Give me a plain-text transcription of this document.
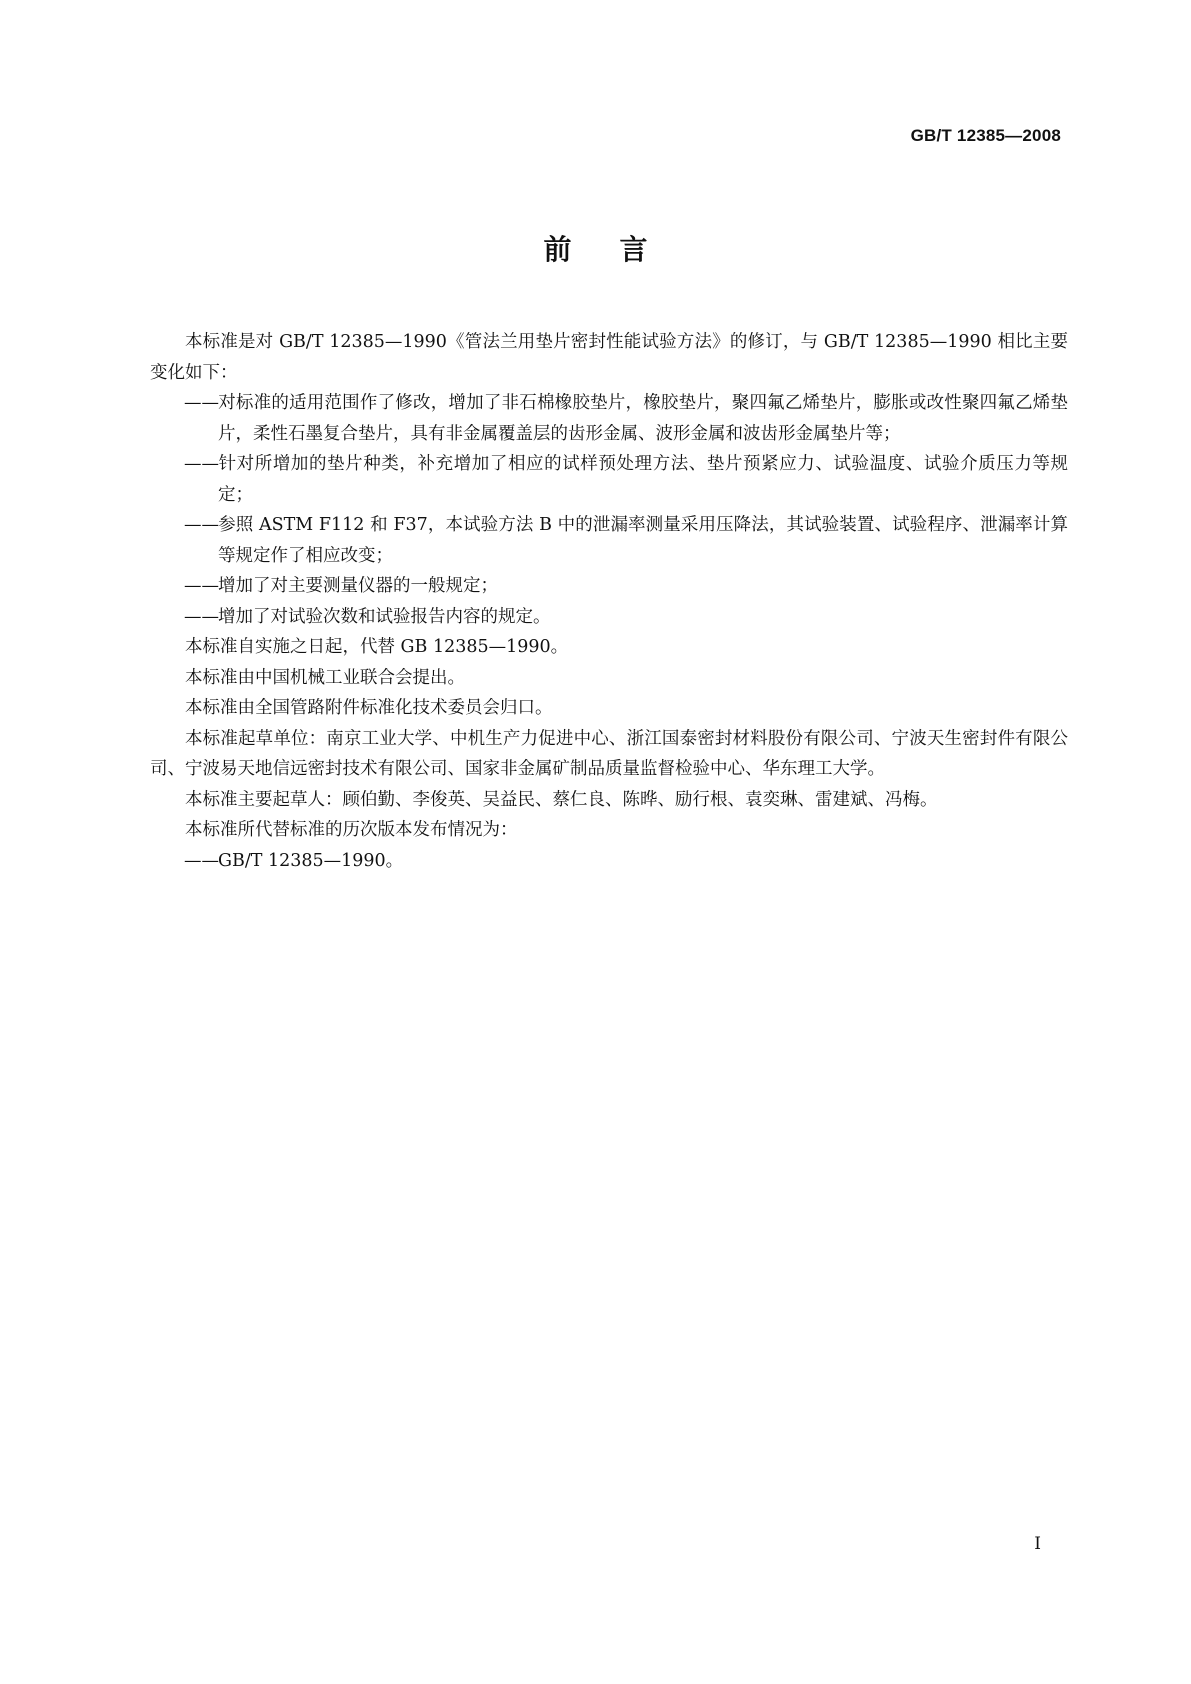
GB/T 12385—2008
前言

本标准是对 GB/T 12385—1990《管法兰用垫片密封性能试验方法》的修订，与 GB/T 12385—1990 相比主要变化如下：

——对标准的适用范围作了修改，增加了非石棉橡胶垫片，橡胶垫片，聚四氟乙烯垫片，膨胀或改性聚四氟乙烯垫片，柔性石墨复合垫片，具有非金属覆盖层的齿形金属、波形金属和波齿形金属垫片等；

——针对所增加的垫片种类，补充增加了相应的试样预处理方法、垫片预紧应力、试验温度、试验介质压力等规定；

——参照 ASTM F112 和 F37，本试验方法 B 中的泄漏率测量采用压降法，其试验装置、试验程序、泄漏率计算等规定作了相应改变；

——增加了对主要测量仪器的一般规定；

——增加了对试验次数和试验报告内容的规定。

本标准自实施之日起，代替 GB 12385—1990。

本标准由中国机械工业联合会提出。

本标准由全国管路附件标准化技术委员会归口。

本标准起草单位：南京工业大学、中机生产力促进中心、浙江国泰密封材料股份有限公司、宁波天生密封件有限公司、宁波易天地信远密封技术有限公司、国家非金属矿制品质量监督检验中心、华东理工大学。

本标准主要起草人：顾伯勤、李俊英、吴益民、蔡仁良、陈晔、励行根、袁奕琳、雷建斌、冯梅。

本标准所代替标准的历次版本发布情况为：

——GB/T 12385—1990。

I
